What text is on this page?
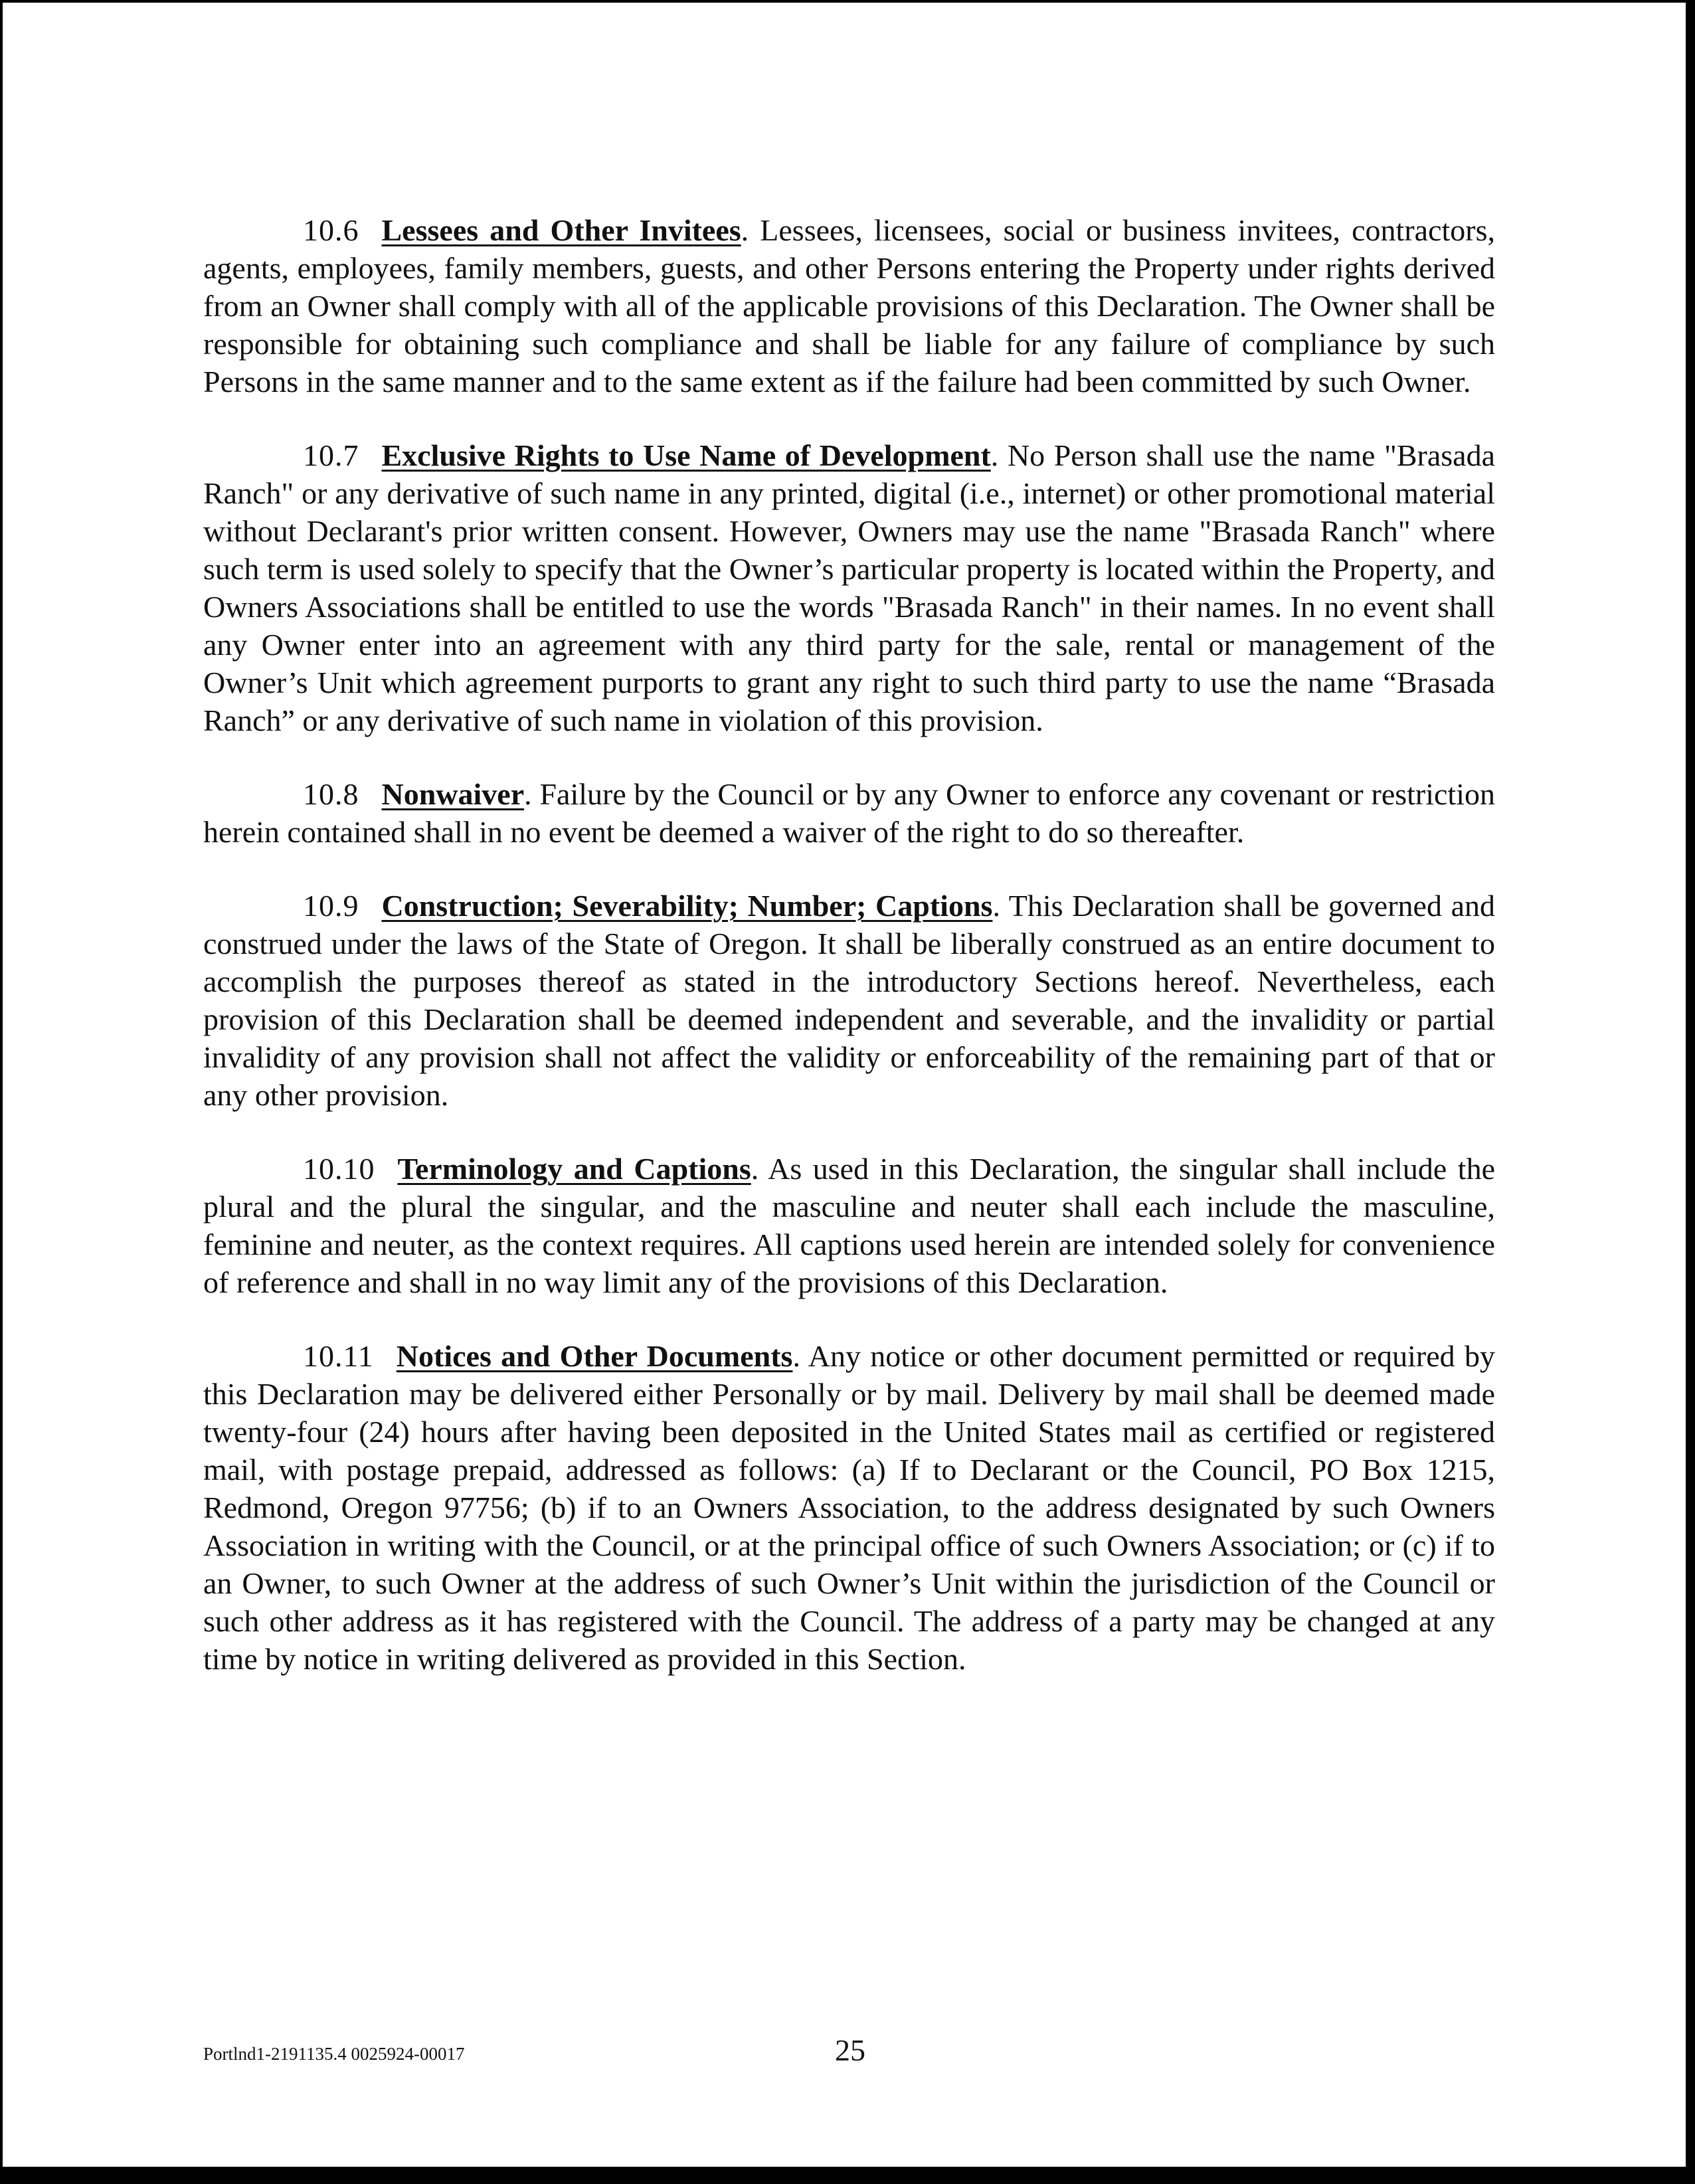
10.6 Lessees and Other Invitees. Lessees, licensees, social or business invitees, contractors, agents, employees, family members, guests, and other Persons entering the Property under rights derived from an Owner shall comply with all of the applicable provisions of this Declaration. The Owner shall be responsible for obtaining such compliance and shall be liable for any failure of compliance by such Persons in the same manner and to the same extent as if the failure had been committed by such Owner.

10.7 Exclusive Rights to Use Name of Development. No Person shall use the name "Brasada Ranch" or any derivative of such name in any printed, digital (i.e., internet) or other promotional material without Declarant's prior written consent. However, Owners may use the name "Brasada Ranch" where such term is used solely to specify that the Owner’s particular property is located within the Property, and Owners Associations shall be entitled to use the words "Brasada Ranch" in their names. In no event shall any Owner enter into an agreement with any third party for the sale, rental or management of the Owner’s Unit which agreement purports to grant any right to such third party to use the name “Brasada Ranch” or any derivative of such name in violation of this provision.

10.8 Nonwaiver. Failure by the Council or by any Owner to enforce any covenant or restriction herein contained shall in no event be deemed a waiver of the right to do so thereafter.

10.9 Construction; Severability; Number; Captions. This Declaration shall be governed and construed under the laws of the State of Oregon. It shall be liberally construed as an entire document to accomplish the purposes thereof as stated in the introductory Sections hereof. Nevertheless, each provision of this Declaration shall be deemed independent and severable, and the invalidity or partial invalidity of any provision shall not affect the validity or enforceability of the remaining part of that or any other provision.

10.10 Terminology and Captions. As used in this Declaration, the singular shall include the plural and the plural the singular, and the masculine and neuter shall each include the masculine, feminine and neuter, as the context requires. All captions used herein are intended solely for convenience of reference and shall in no way limit any of the provisions of this Declaration.

10.11 Notices and Other Documents. Any notice or other document permitted or required by this Declaration may be delivered either Personally or by mail. Delivery by mail shall be deemed made twenty-four (24) hours after having been deposited in the United States mail as certified or registered mail, with postage prepaid, addressed as follows: (a) If to Declarant or the Council, PO Box 1215, Redmond, Oregon 97756; (b) if to an Owners Association, to the address designated by such Owners Association in writing with the Council, or at the principal office of such Owners Association; or (c) if to an Owner, to such Owner at the address of such Owner’s Unit within the jurisdiction of the Council or such other address as it has registered with the Council. The address of a party may be changed at any time by notice in writing delivered as provided in this Section.

Portlnd1-2191135.4 0025924-00017	25
